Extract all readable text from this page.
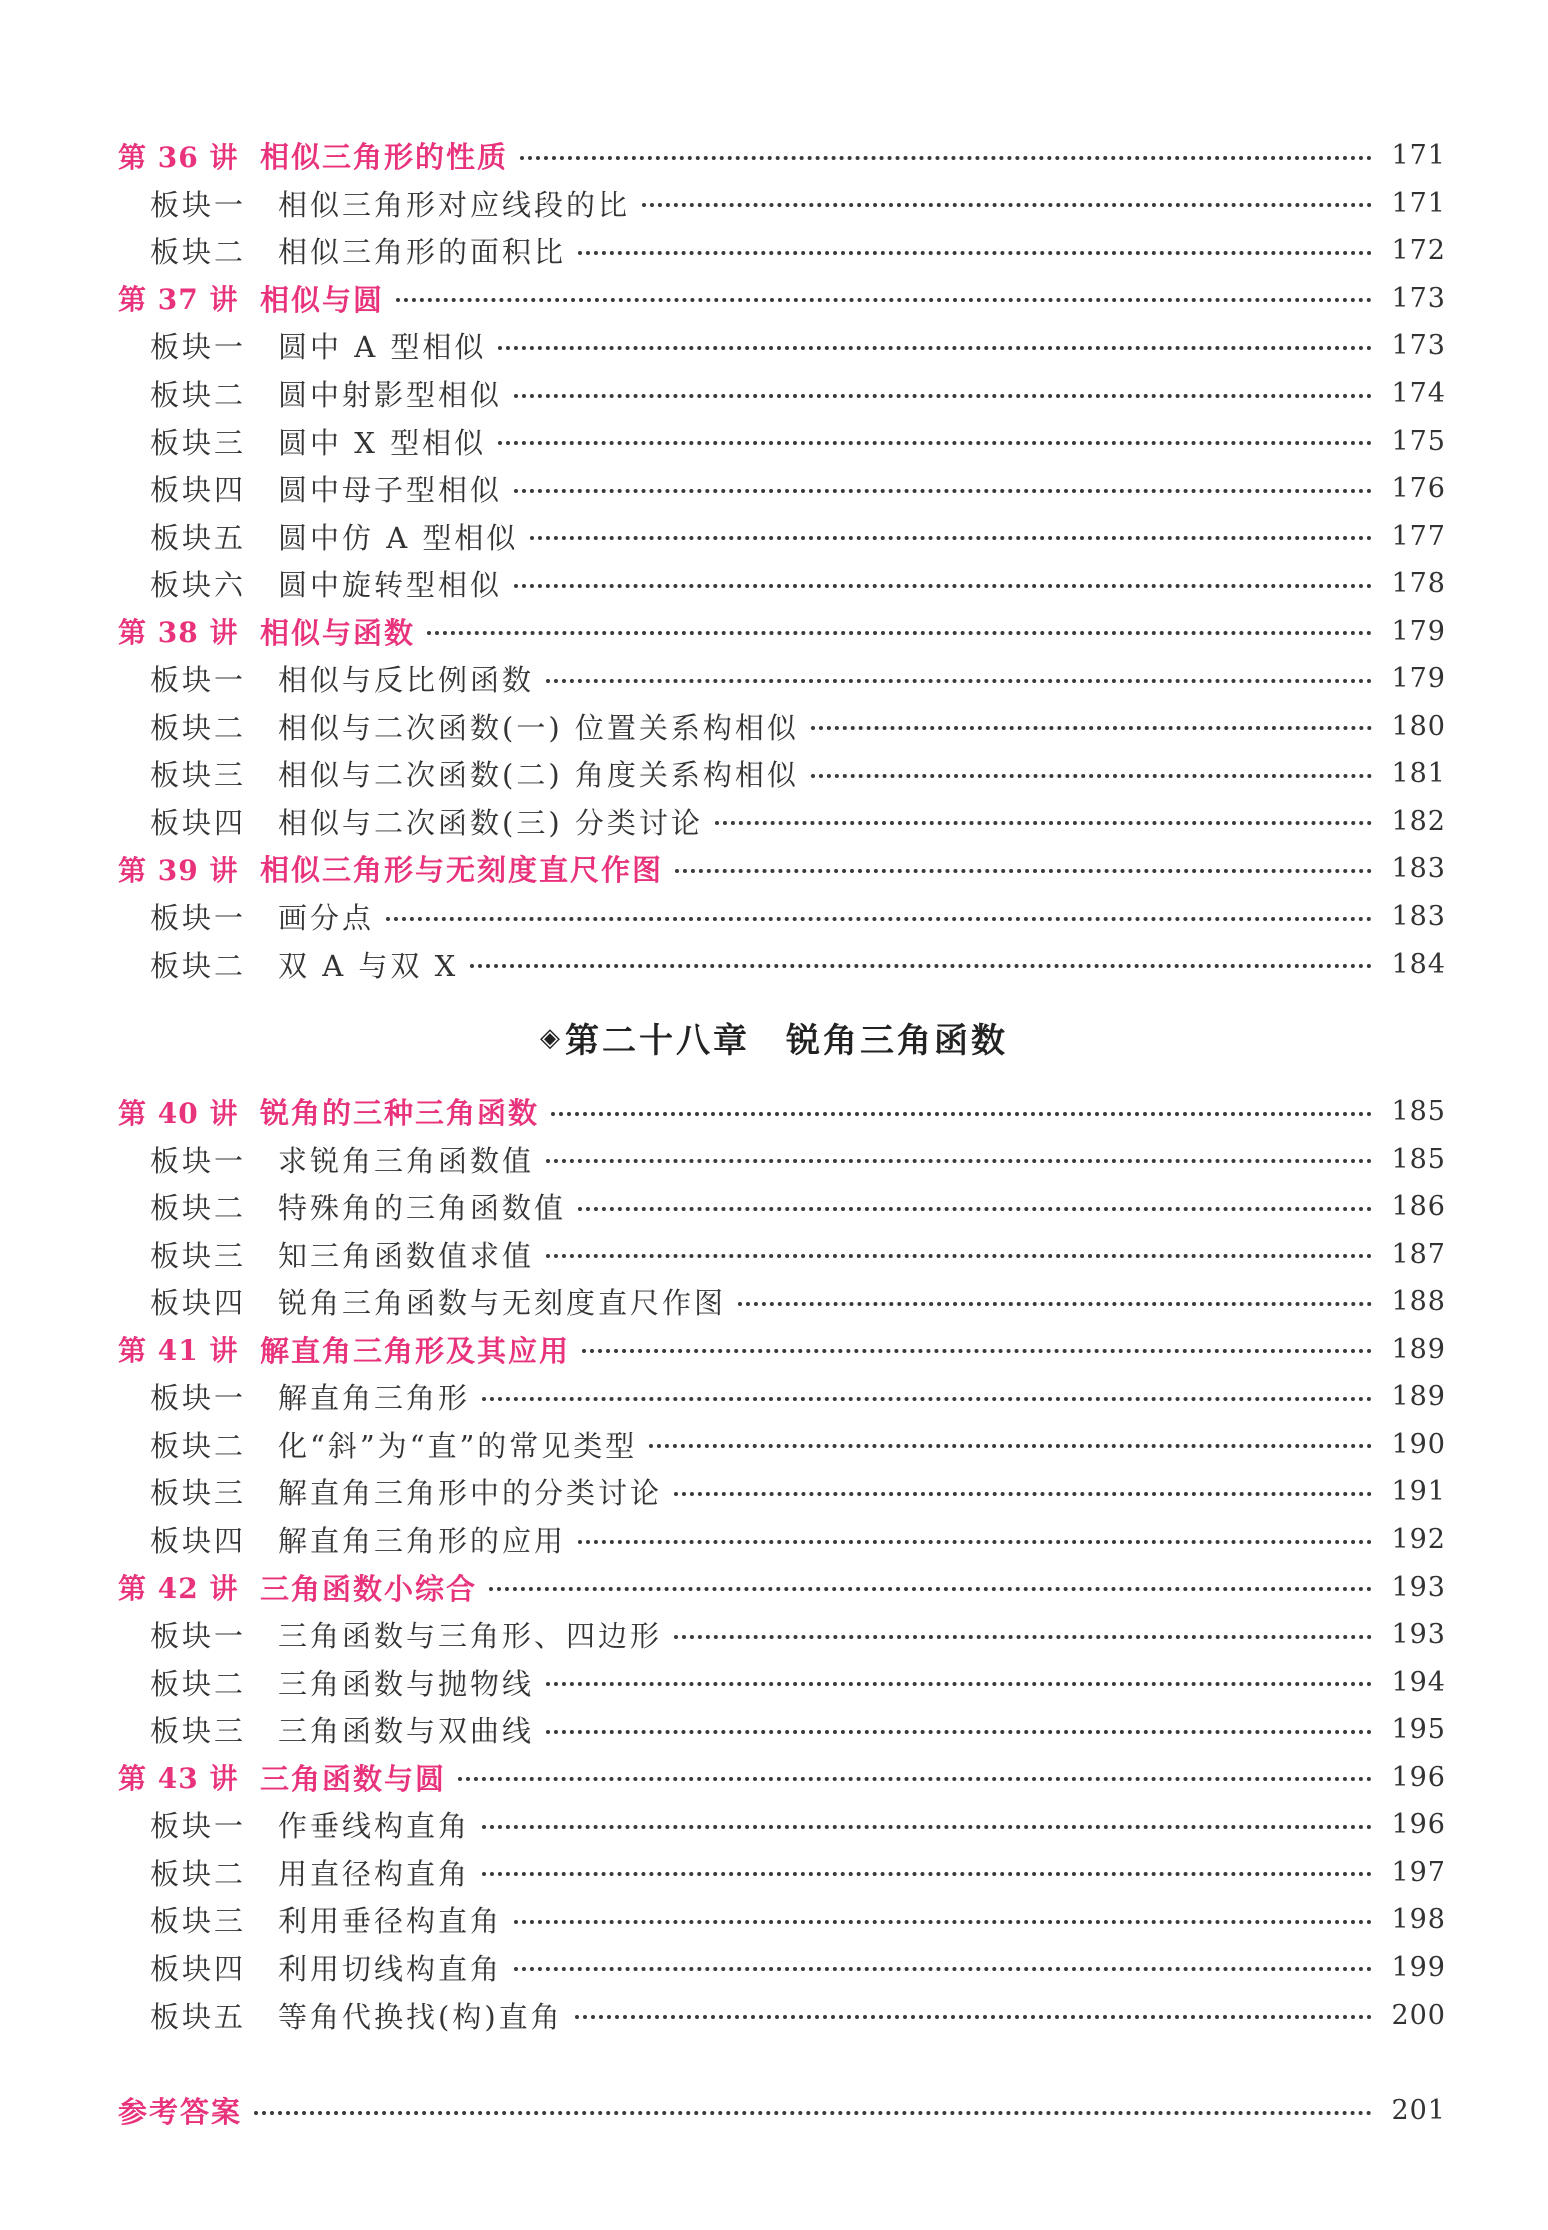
第 36 讲 相似三角形的性质	171
板块一	相似三角形对应线段的比	171
板块二	相似三角形的面积比	172
第 37 讲 相似与圆	173
板块一	圆中 A 型相似	173
板块二	圆中射影型相似	174
板块三	圆中 X 型相似	175
板块四	圆中母子型相似	176
板块五	圆中仿 A 型相似	177
板块六	圆中旋转型相似	178
第 38 讲 相似与函数	179
板块一	相似与反比例函数	179
板块二	相似与二次函数(一) 位置关系构相似	180
板块三	相似与二次函数(二) 角度关系构相似	181
板块四	相似与二次函数(三) 分类讨论	182
第 39 讲 相似三角形与无刻度直尺作图	183
板块一	画分点	183
板块二	双 A 与双 X	184
◈ 第二十八章 锐角三角函数
第 40 讲 锐角的三种三角函数	185
板块一	求锐角三角函数值	185
板块二	特殊角的三角函数值	186
板块三	知三角函数值求值	187
板块四	锐角三角函数与无刻度直尺作图	188
第 41 讲 解直角三角形及其应用	189
板块一	解直角三角形	189
板块二	化“斜”为“直”的常见类型	190
板块三	解直角三角形中的分类讨论	191
板块四	解直角三角形的应用	192
第 42 讲 三角函数小综合	193
板块一	三角函数与三角形、四边形	193
板块二	三角函数与抛物线	194
板块三	三角函数与双曲线	195
第 43 讲 三角函数与圆	196
板块一	作垂线构直角	196
板块二	用直径构直角	197
板块三	利用垂径构直角	198
板块四	利用切线构直角	199
板块五	等角代换找(构)直角	200
参考答案	201
